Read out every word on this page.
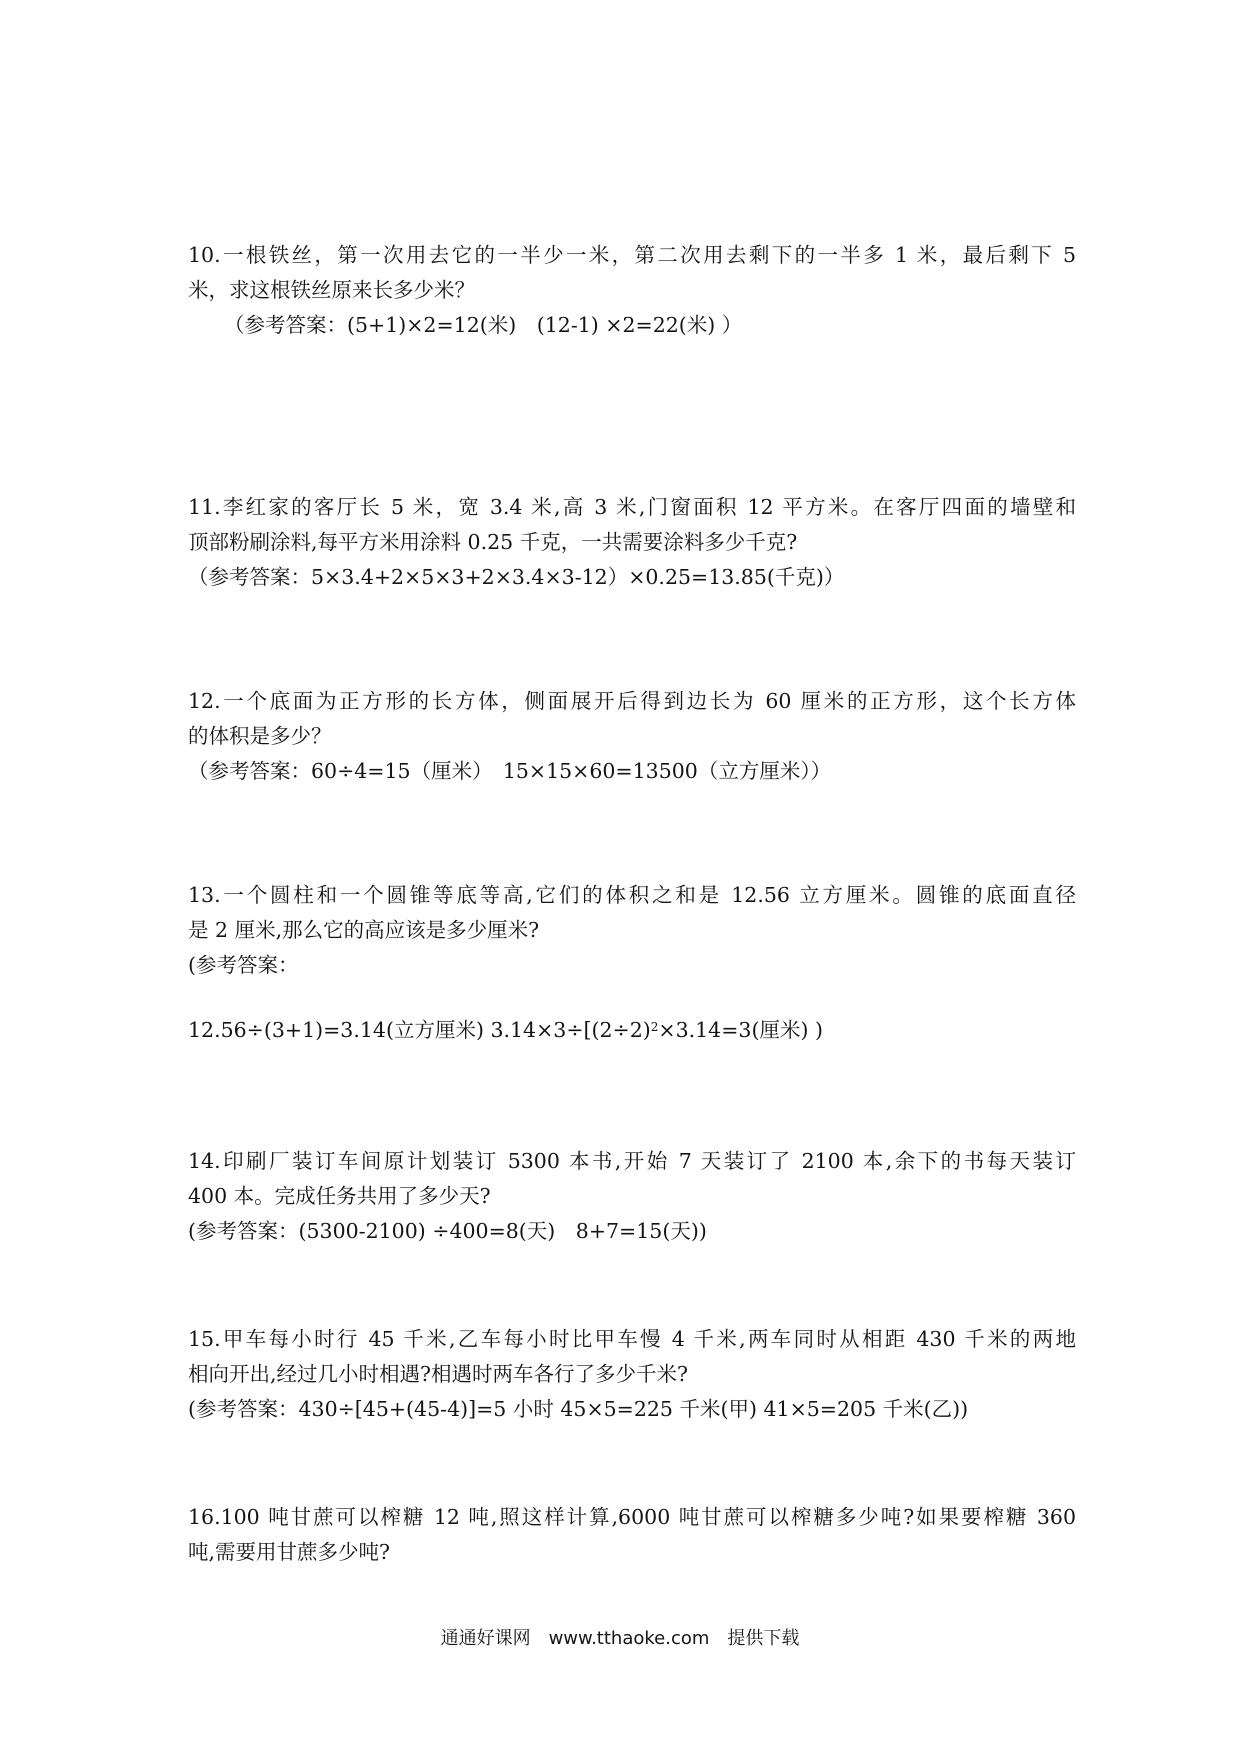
10.一根铁丝，第一次用去它的一半少一米，第二次用去剩下的一半多 1 米，最后剩下 5
米，求这根铁丝原来长多少米？
（参考答案：(5+1)×2=12(米)　(12-1) ×2=22(米) ）
11.李红家的客厅长 5 米，宽 3.4 米,高 3 米,门窗面积 12 平方米。在客厅四面的墙壁和
顶部粉刷涂料,每平方米用涂料 0.25 千克，一共需要涂料多少千克?
（参考答案：5×3.4+2×5×3+2×3.4×3-12）×0.25=13.85(千克)）
12.一个底面为正方形的长方体，侧面展开后得到边长为 60 厘米的正方形，这个长方体
的体积是多少？
（参考答案：60÷4=15（厘米）　15×15×60=13500（立方厘米））
13.一个圆柱和一个圆锥等底等高,它们的体积之和是 12.56 立方厘米。圆锥的底面直径
是 2 厘米,那么它的高应该是多少厘米?
(参考答案：
12.56÷(3+1)=3.14(立方厘米) $3.14\times 3\div[(2\div 2)^2\times 3.14=3$(厘米) )
14.印刷厂装订车间原计划装订 5300 本书,开始 7 天装订了 2100 本,余下的书每天装订
400 本。完成任务共用了多少天?
(参考答案：(5300-2100) ÷400=8(天)　8+7=15(天))
15.甲车每小时行 45 千米,乙车每小时比甲车慢 4 千米,两车同时从相距 430 千米的两地
相向开出,经过几小时相遇?相遇时两车各行了多少千米?
(参考答案：430÷[45+(45-4)]=5 小时 45×5=225 千米(甲) 41×5=205 千米(乙))
16.100 吨甘蔗可以榨糖 12 吨,照这样计算,6000 吨甘蔗可以榨糖多少吨?如果要榨糖 360
吨,需要用甘蔗多少吨?
通通好课网　www.tthaoke.com　提供下载
